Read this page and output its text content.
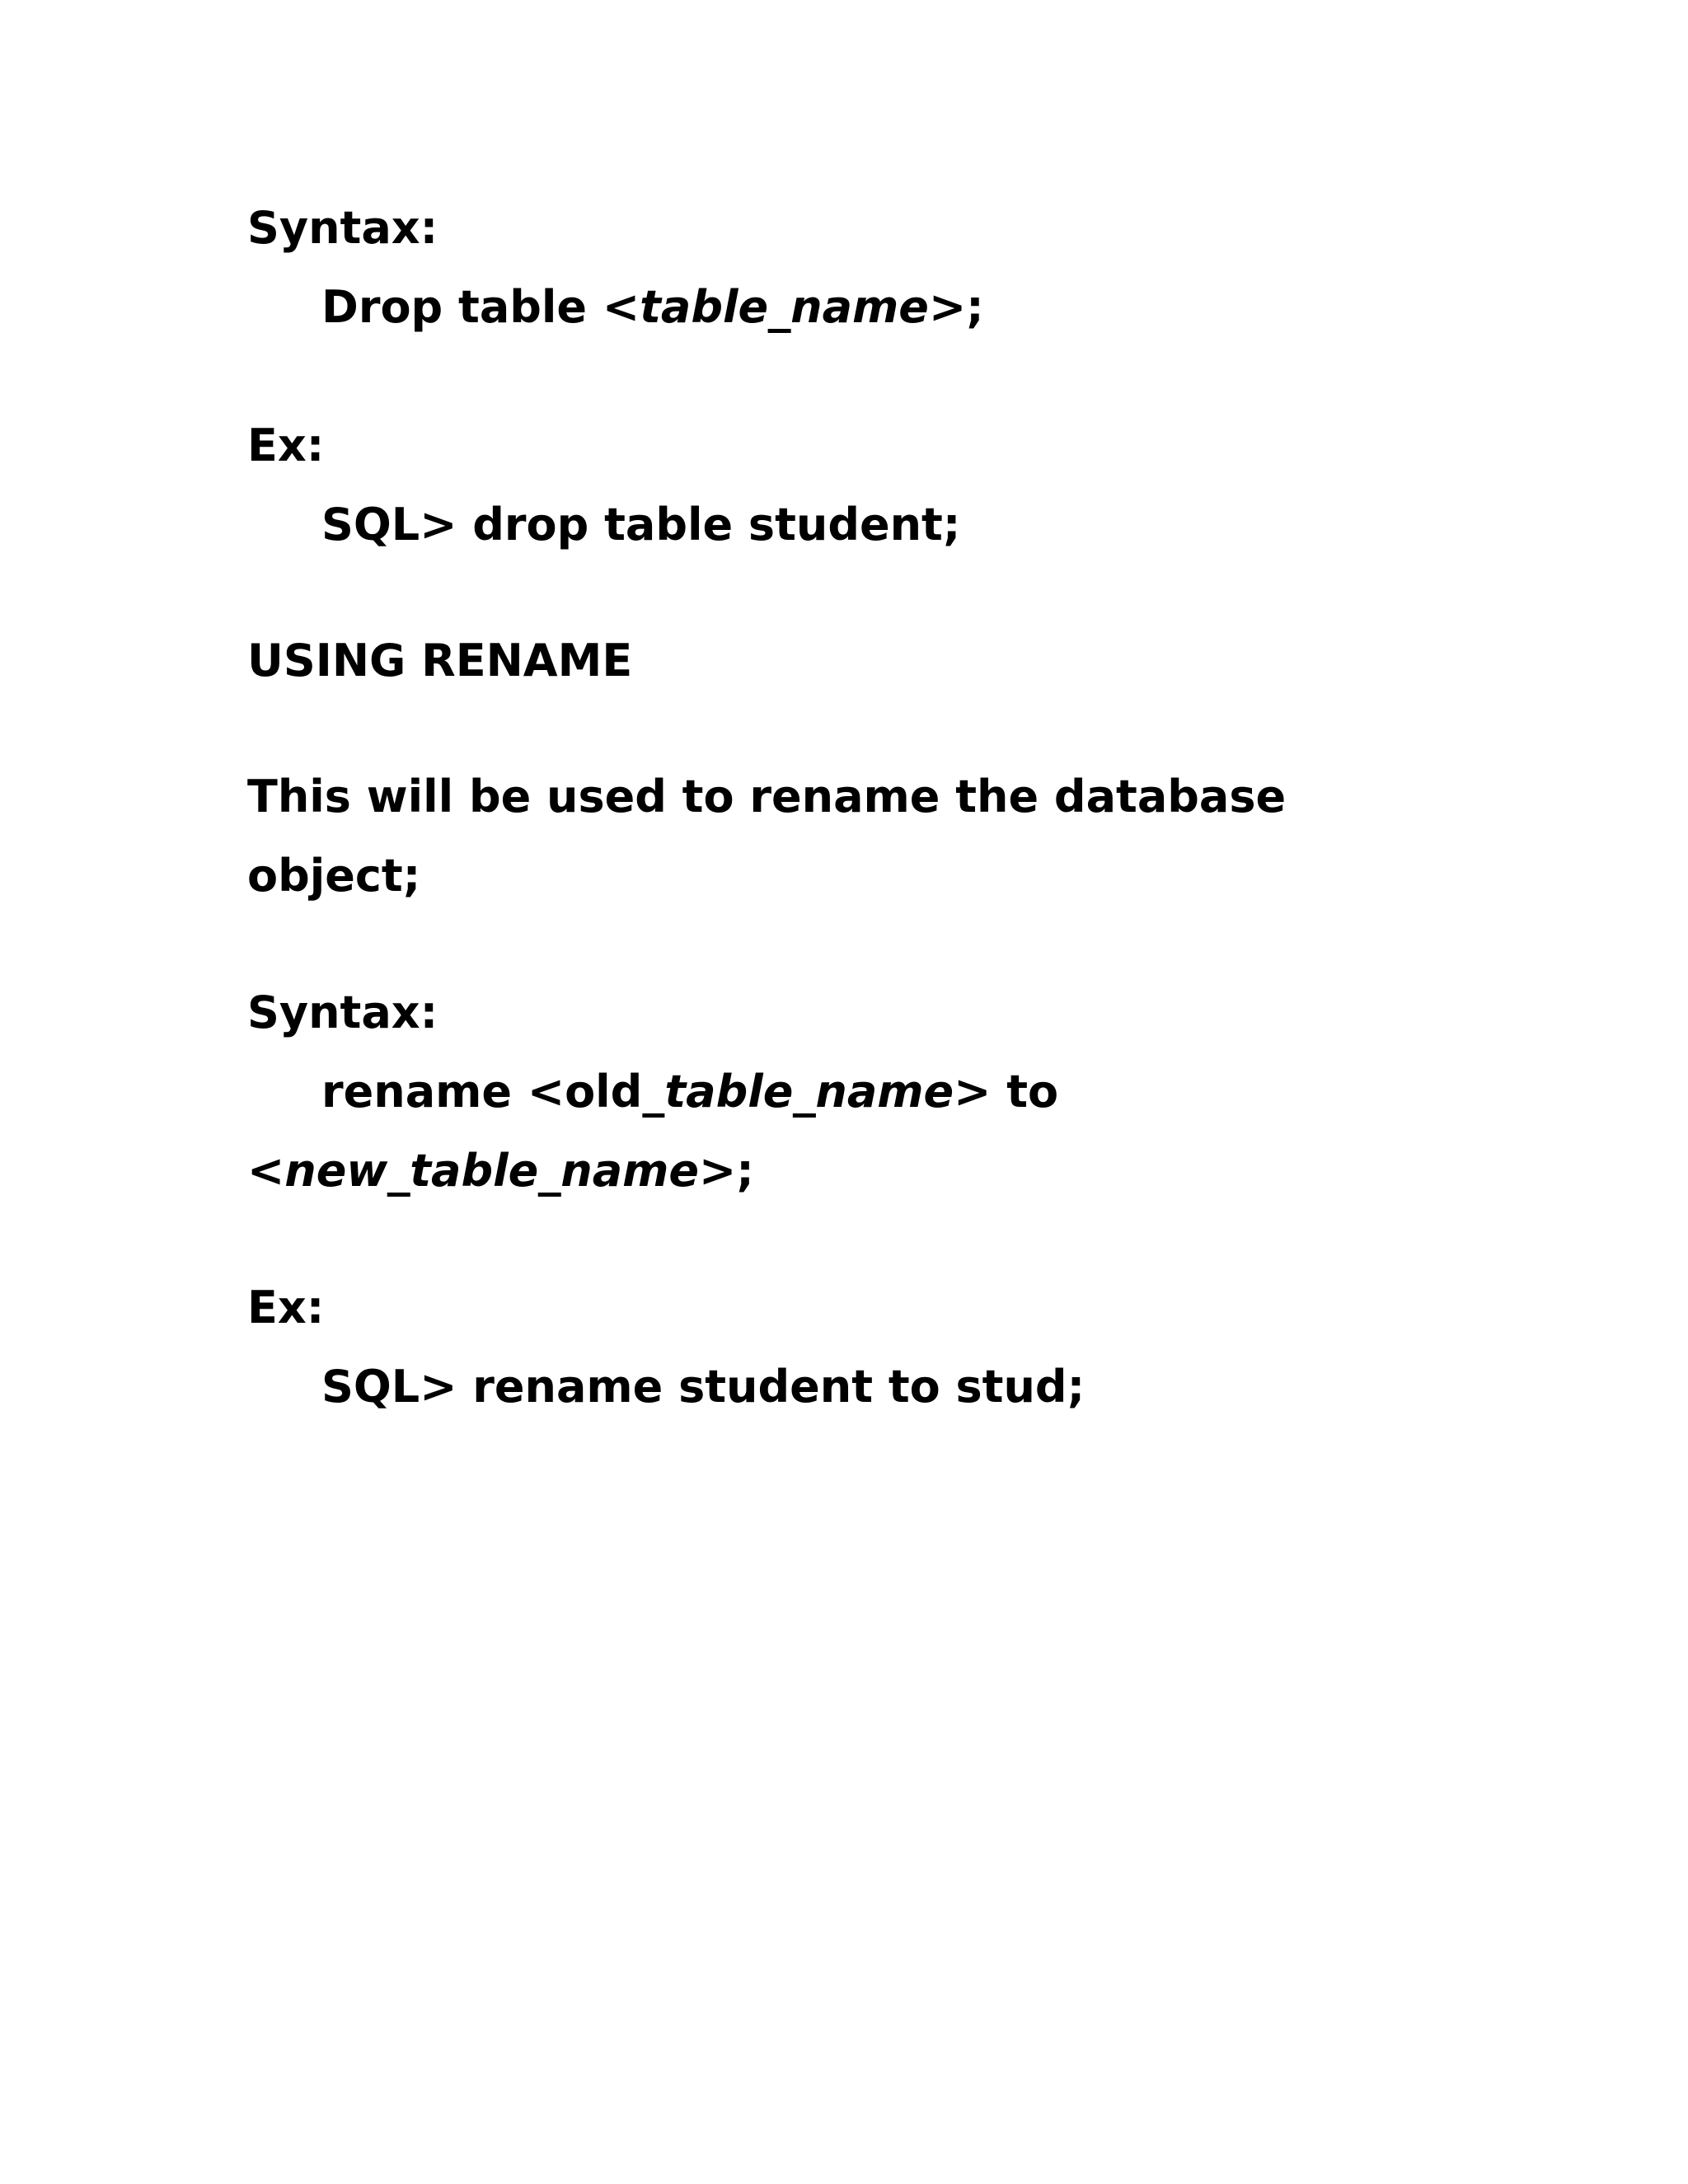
Syntax:
Drop table <table_name>;
Ex:
SQL> drop table student;
USING RENAME
This will be used to rename the database
object;
Syntax:
rename <old_table_name> to
<new_table_name>;
Ex:
SQL> rename student to stud;
